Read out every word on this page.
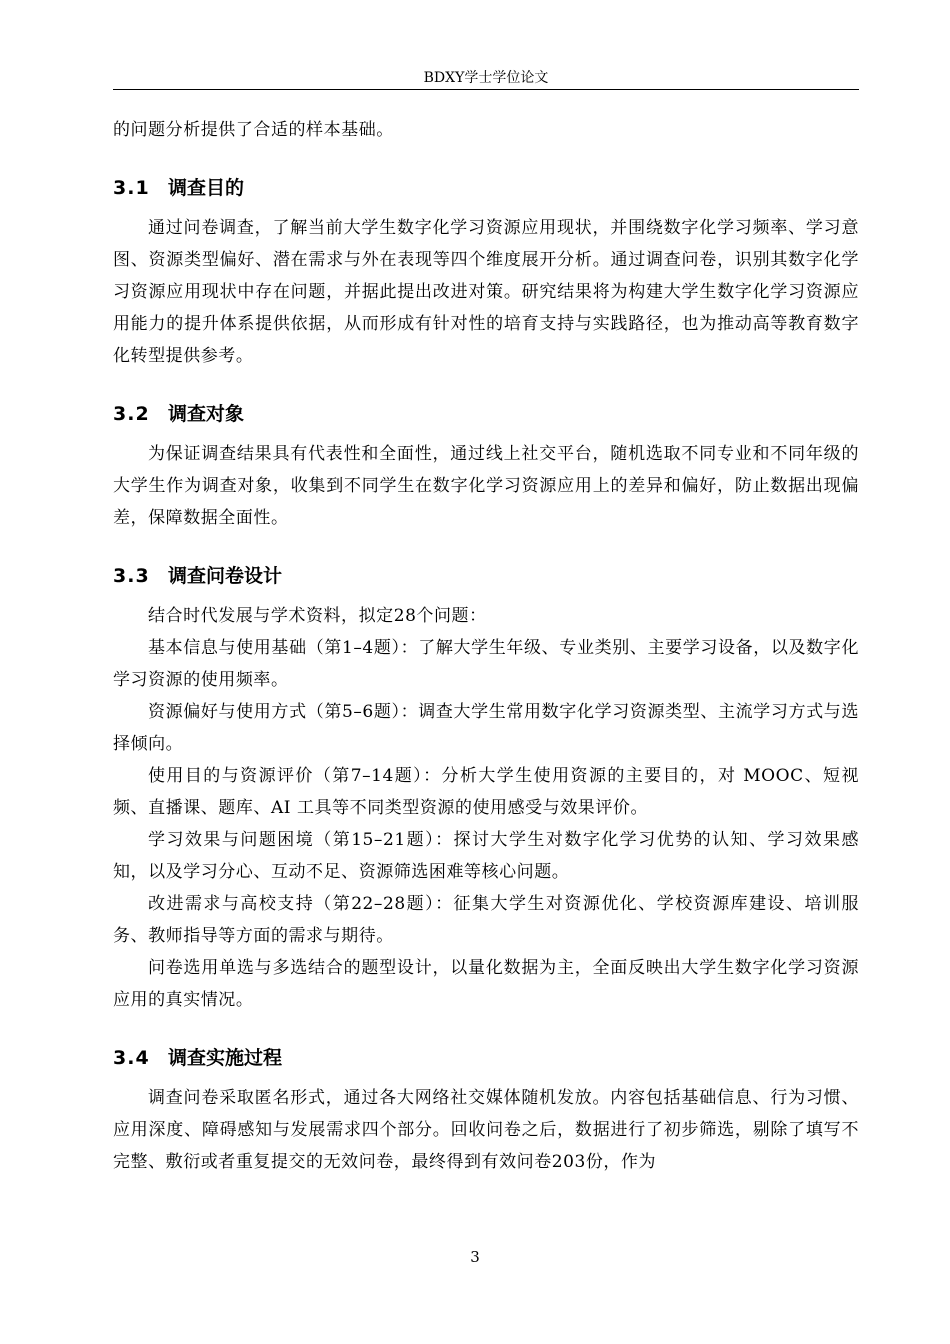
BDXY学士学位论文

的问题分析提供了合适的样本基础。

3.1 调查目的

通过问卷调查，了解当前大学生数字化学习资源应用现状，并围绕数字化学习频率、学习意图、资源类型偏好、潜在需求与外在表现等四个维度展开分析。通过调查问卷，识别其数字化学习资源应用现状中存在问题，并据此提出改进对策。研究结果将为构建大学生数字化学习资源应用能力的提升体系提供依据，从而形成有针对性的培育支持与实践路径，也为推动高等教育数字化转型提供参考。

3.2 调查对象

为保证调查结果具有代表性和全面性，通过线上社交平台，随机选取不同专业和不同年级的大学生作为调查对象，收集到不同学生在数字化学习资源应用上的差异和偏好，防止数据出现偏差，保障数据全面性。

3.3 调查问卷设计

结合时代发展与学术资料，拟定28个问题：

基本信息与使用基础（第1–4题）：了解大学生年级、专业类别、主要学习设备，以及数字化学习资源的使用频率。

资源偏好与使用方式（第5–6题）：调查大学生常用数字化学习资源类型、主流学习方式与选择倾向。

使用目的与资源评价（第7–14题）：分析大学生使用资源的主要目的，对 MOOC、短视频、直播课、题库、AI 工具等不同类型资源的使用感受与效果评价。

学习效果与问题困境（第15–21题）：探讨大学生对数字化学习优势的认知、学习效果感知，以及学习分心、互动不足、资源筛选困难等核心问题。

改进需求与高校支持（第22–28题）：征集大学生对资源优化、学校资源库建设、培训服务、教师指导等方面的需求与期待。

问卷选用单选与多选结合的题型设计，以量化数据为主，全面反映出大学生数字化学习资源应用的真实情况。

3.4 调查实施过程

调查问卷采取匿名形式，通过各大网络社交媒体随机发放。内容包括基础信息、行为习惯、应用深度、障碍感知与发展需求四个部分。回收问卷之后，数据进行了初步筛选，剔除了填写不完整、敷衍或者重复提交的无效问卷，最终得到有效问卷203份，作为

3
